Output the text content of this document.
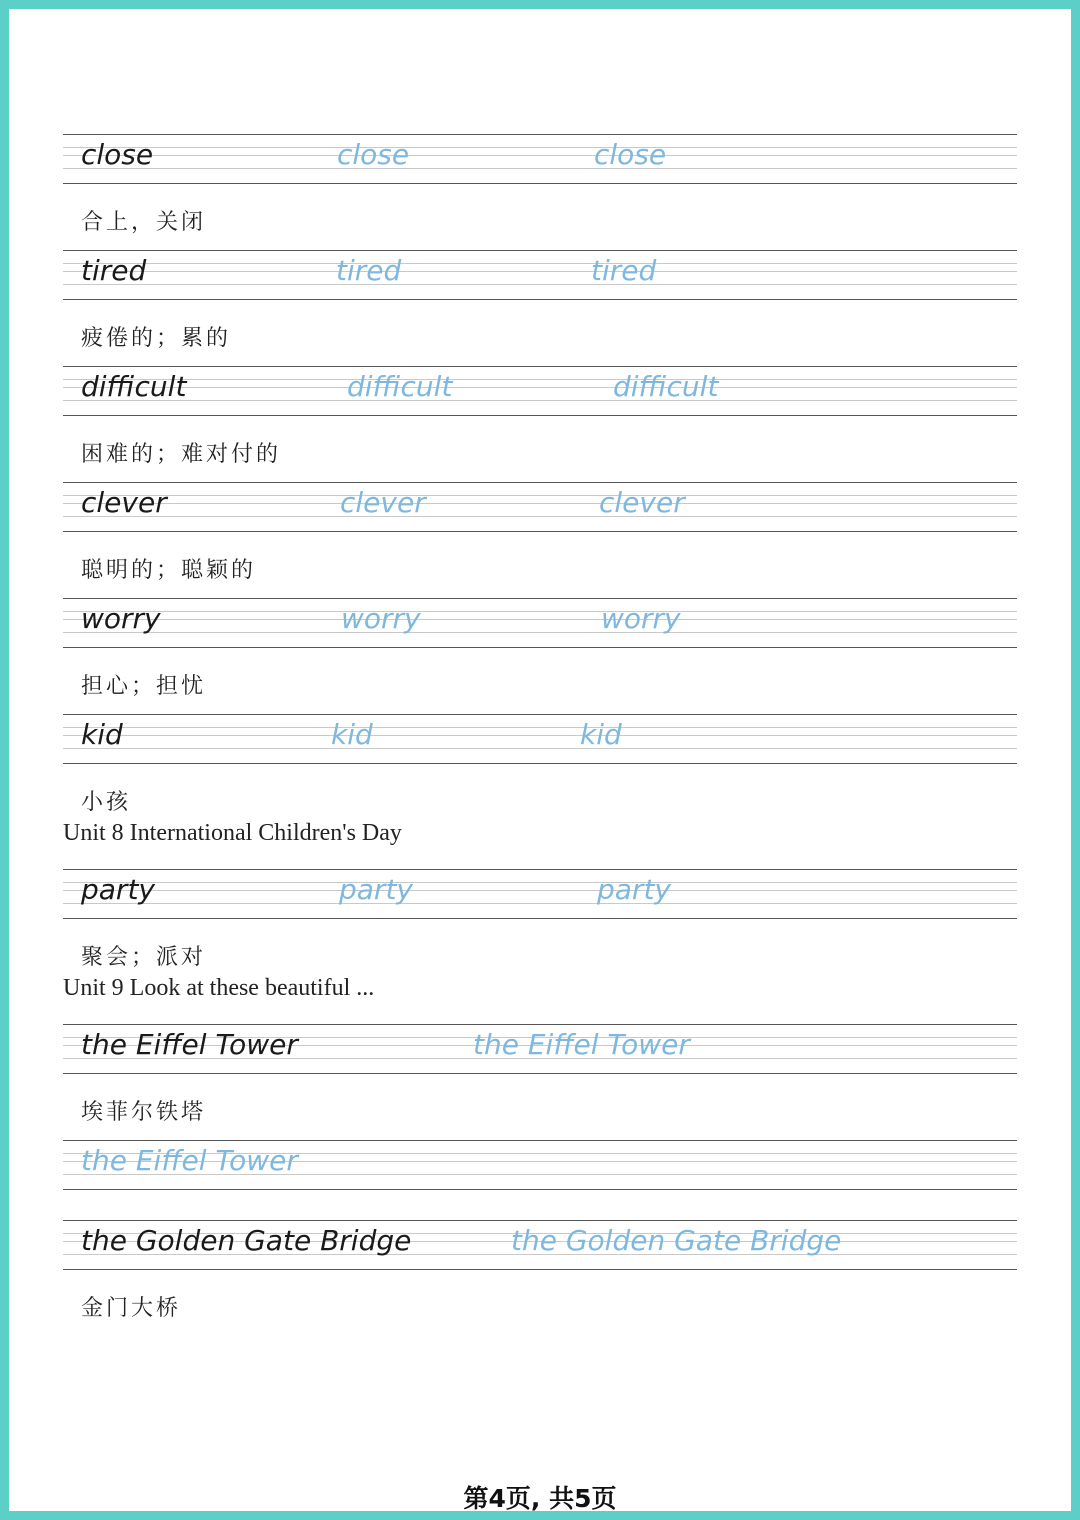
close	close	close
合上，关闭
tired	tired	tired
疲倦的；累的
difficult	difficult	difficult
困难的；难对付的
clever	clever	clever
聪明的；聪颖的
worry	worry	worry
担心；担忧
kid	kid	kid
小孩
Unit 8 International Children's Day
party	party	party
聚会；派对
Unit 9 Look at these beautiful ...
the Eiffel Tower	the Eiffel Tower
埃菲尔铁塔
the Eiffel Tower
the Golden Gate Bridge	the Golden Gate Bridge
金门大桥
第4页, 共5页
